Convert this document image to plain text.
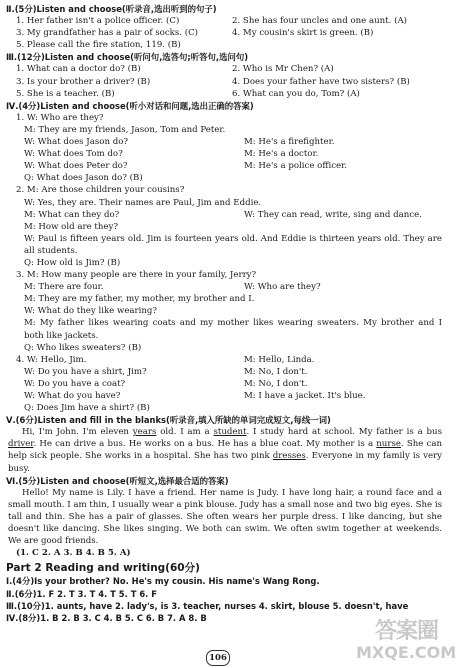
Ⅱ.(5分)Listen and choose(听录音,选出听到的句子)
1. Her father isn't a police officer. (C)	2. She has four uncles and one aunt. (A)
3. My grandfather has a pair of socks. (C)	4. My cousin's skirt is green. (B)
5. Please call the fire station, 119. (B)
Ⅲ.(12分)Listen and choose(听问句,选答句;听答句,选问句)
1. What can a doctor do? (B)	2. Who is Mr Chen? (A)
3. Is your brother a driver? (B)	4. Does your father have two sisters? (B)
5. She is a teacher. (B)	6. What can you do, Tom? (A)
Ⅳ.(4分)Listen and choose(听小对话和问题,选出正确的答案)
1. W: Who are they?
M: They are my friends, Jason, Tom and Peter.
W: What does Jason do?	M: He's a firefighter.
W: What does Tom do?	M: He's a doctor.
W: What does Peter do?	M: He's a police officer.
Q: What does Jason do? (B)
2. M: Are those children your cousins?
W: Yes, they are. Their names are Paul, Jim and Eddie.
M: What can they do?	W: They can read, write, sing and dance.
M: How old are they?
W: Paul is fifteen years old. Jim is fourteen years old. And Eddie is thirteen years old. They are all students.
Q: How old is Jim? (B)
3. M: How many people are there in your family, Jerry?
M: There are four.	W: Who are they?
M: They are my father, my mother, my brother and I.
W: What do they like wearing?
M: My father likes wearing coats and my mother likes wearing sweaters. My brother and I both like jackets.
Q: Who likes sweaters? (B)
4. W: Hello, Jim.	M: Hello, Linda.
W: Do you have a shirt, Jim?	M: No, I don't.
W: Do you have a coat?	M: No, I don't.
W: What do you have?	M: I have a jacket. It's blue.
Q: Does Jim have a shirt? (B)
Ⅴ.(6分)Listen and fill in the blanks(听录音,填入所缺的单词完成短文,每线一词)
Hi, I'm John. I'm eleven years old. I am a student. I study hard at school. My father is a bus driver. He can drive a bus. He works on a bus. He has a blue coat. My mother is a nurse. She can help sick people. She works in a hospital. She has two pink dresses. Everyone in my family is very busy.
Ⅵ.(5分)Listen and choose(听短文,选择最合适的答案)
Hello! My name is Lily. I have a friend. Her name is Judy. I have long hair, a round face and a small mouth. I am thin, I usually wear a pink blouse. Judy has a small nose and two big eyes. She is tall and thin. She has a pair of glasses. She often wears her purple dress. I like dancing, but she doesn't like dancing. She likes singing. We both can swim. We often swim together at weekends. We are good friends.
(1. C 2. A 3. B 4. B 5. A)
Part 2 Reading and writing(60分)
Ⅰ.(4分)Is your brother? No. He's my cousin. His name's Wang Rong.
Ⅱ.(6分)1. F 2. T 3. T 4. T 5. T 6. F
Ⅲ.(10分)1. aunts, have 2. lady's, is 3. teacher, nurses 4. skirt, blouse 5. doesn't, have
Ⅳ.(8分)1. B 2. B 3. C 4. B 5. C 6. B 7. A 8. B
106
答案圈
MXQE.COM
